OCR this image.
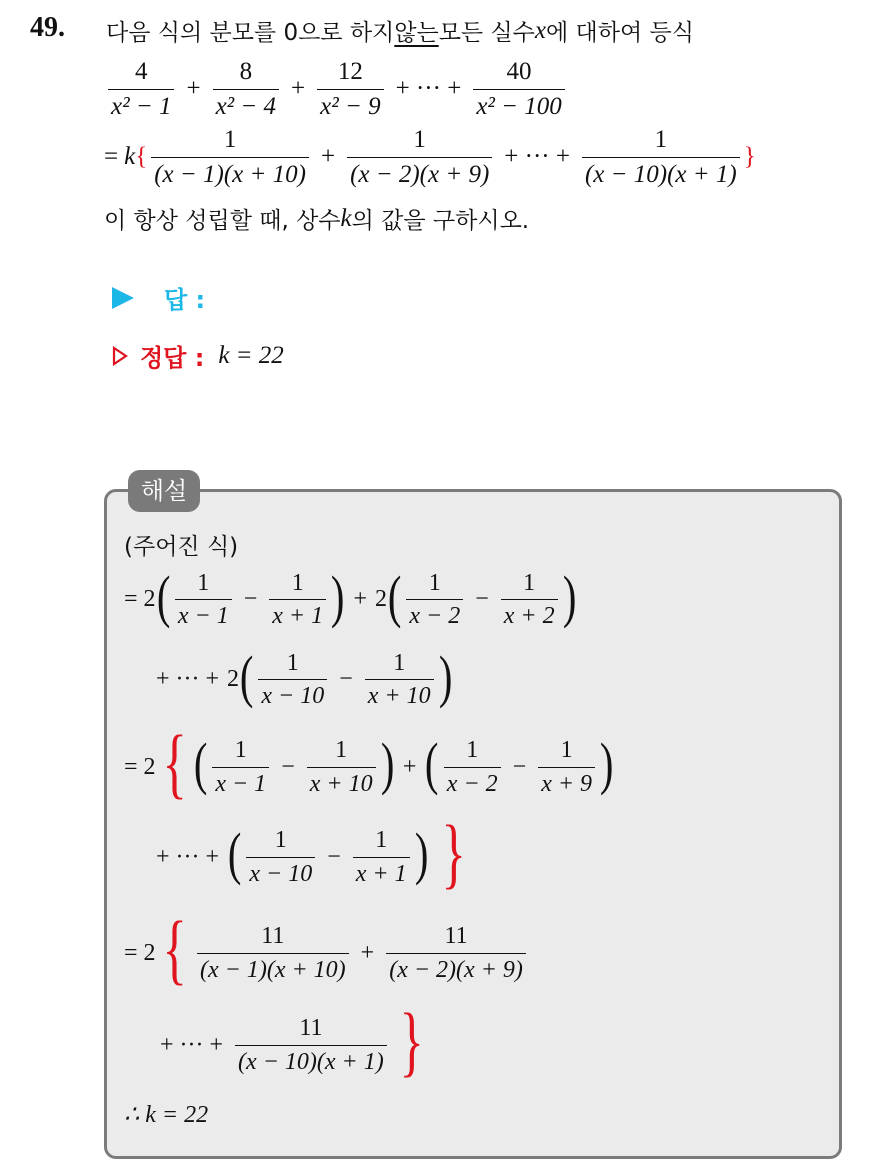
49. 다음 식의 분모를 0으로 하지 않는 모든 실수 x 에 대하여 등식
$\frac{4}{\text{x² − 1}} + \frac{8}{\text{x² − 4}} + \frac{12}{\text{x² − 9}}$ + ··· + $\frac{40}{\text{x² − 100}}$
= k { $\frac{1}{(x - 1)(x + 10)} + \frac{1}{(x - 2)(x + 9)}$ + ··· + $\frac{1}{(x - 10)(x + 1)}$ }
이 항상 성립할 때, 상수 k 의 값을 구하시오.
답 :
정답 : k = 22
해설
(주어진 식)
= 2 ( $\frac{1}{x - 1} - \frac{1}{x + 1}$ ) + 2 ( $\frac{1}{x - 2} - \frac{1}{x + 2}$ )
+ ··· + 2 ( $\frac{1}{x - 10} - \frac{1}{x + 10}$ )
= 2 { ( $\frac{1}{x - 1} - \frac{1}{x + 10}$ ) + ( $\frac{1}{x - 2} - \frac{1}{x + 9}$ )
+ ··· + ( $\frac{1}{x - 10} - \frac{1}{x + 1}$ ) }
= 2 { $\frac{11}{(x - 1)(x + 10)} + \frac{11}{(x - 2)(x + 9)}$
+ ··· + $\frac{11}{(x - 10)(x + 1)}$ }
∴ k = 22
